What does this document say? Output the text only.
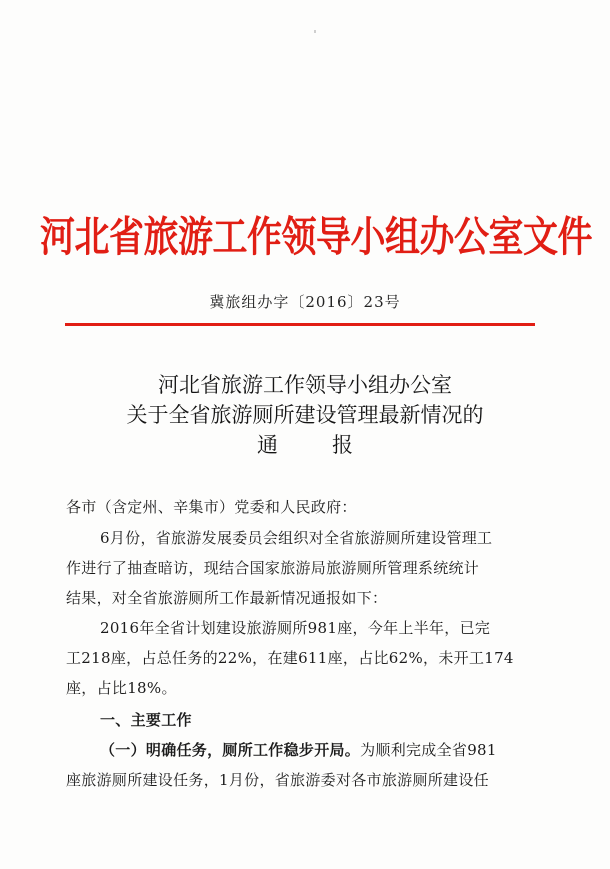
河北省旅游工作领导小组办公室文件
冀旅组办字〔2016〕23号
河北省旅游工作领导小组办公室
关于全省旅游厕所建设管理最新情况的
通	报
各市（含定州、辛集市）党委和人民政府：
6月份，省旅游发展委员会组织对全省旅游厕所建设管理工
作进行了抽查暗访，现结合国家旅游局旅游厕所管理系统统计
结果，对全省旅游厕所工作最新情况通报如下：
2016年全省计划建设旅游厕所981座，今年上半年，已完
工218座，占总任务的22%，在建611座，占比62%，未开工174
座，占比18%。
一、主要工作
（一）明确任务，厕所工作稳步开局。为顺利完成全省981
座旅游厕所建设任务，1月份，省旅游委对各市旅游厕所建设任
